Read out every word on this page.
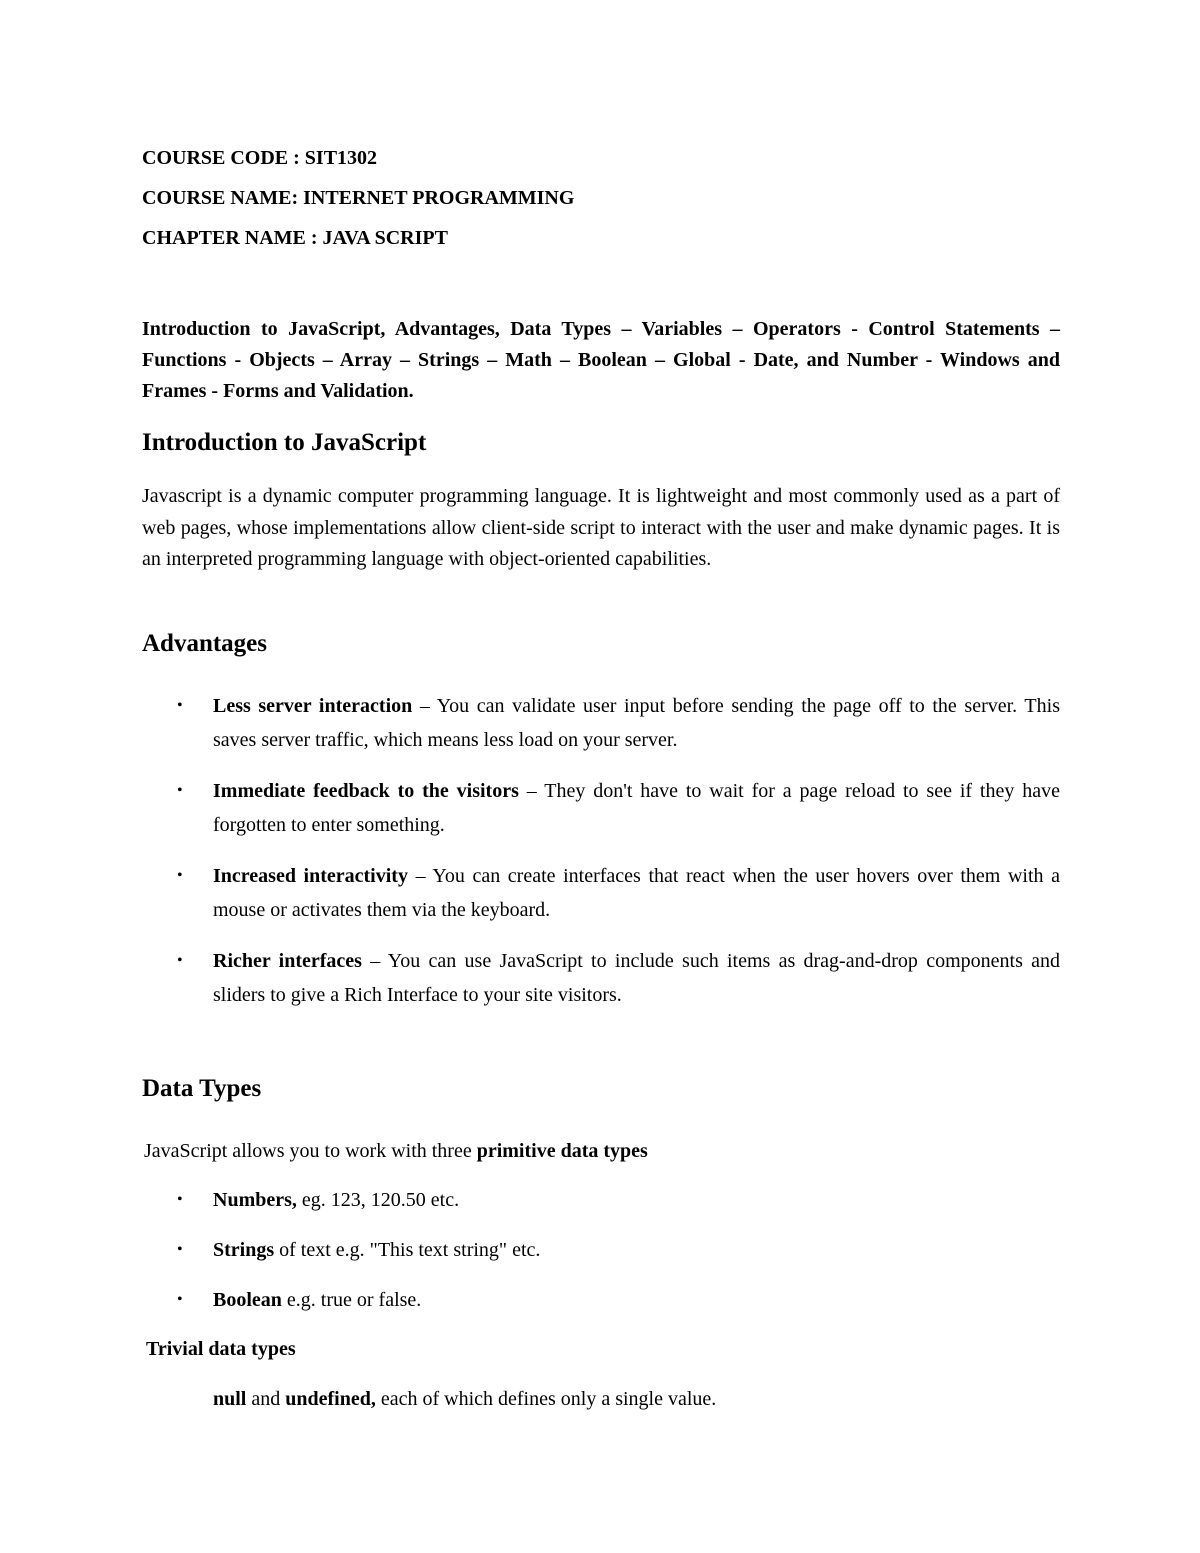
COURSE CODE : SIT1302
COURSE NAME: INTERNET PROGRAMMING
CHAPTER NAME : JAVA SCRIPT
Introduction to JavaScript, Advantages, Data Types – Variables – Operators - Control Statements – Functions - Objects – Array – Strings – Math – Boolean – Global - Date, and Number - Windows and Frames - Forms and Validation.
Introduction to JavaScript
Javascript is a dynamic computer programming language. It is lightweight and most commonly used as a part of web pages, whose implementations allow client-side script to interact with the user and make dynamic pages. It is an interpreted programming language with object-oriented capabilities.
Advantages
• Less server interaction – You can validate user input before sending the page off to the server. This saves server traffic, which means less load on your server.
• Immediate feedback to the visitors – They don't have to wait for a page reload to see if they have forgotten to enter something.
• Increased interactivity – You can create interfaces that react when the user hovers over them with a mouse or activates them via the keyboard.
• Richer interfaces – You can use JavaScript to include such items as drag-and-drop components and sliders to give a Rich Interface to your site visitors.
Data Types
JavaScript allows you to work with three primitive data types
• Numbers, eg. 123, 120.50 etc.
• Strings of text e.g. "This text string" etc.
• Boolean e.g. true or false.
Trivial data types
null and undefined, each of which defines only a single value.
